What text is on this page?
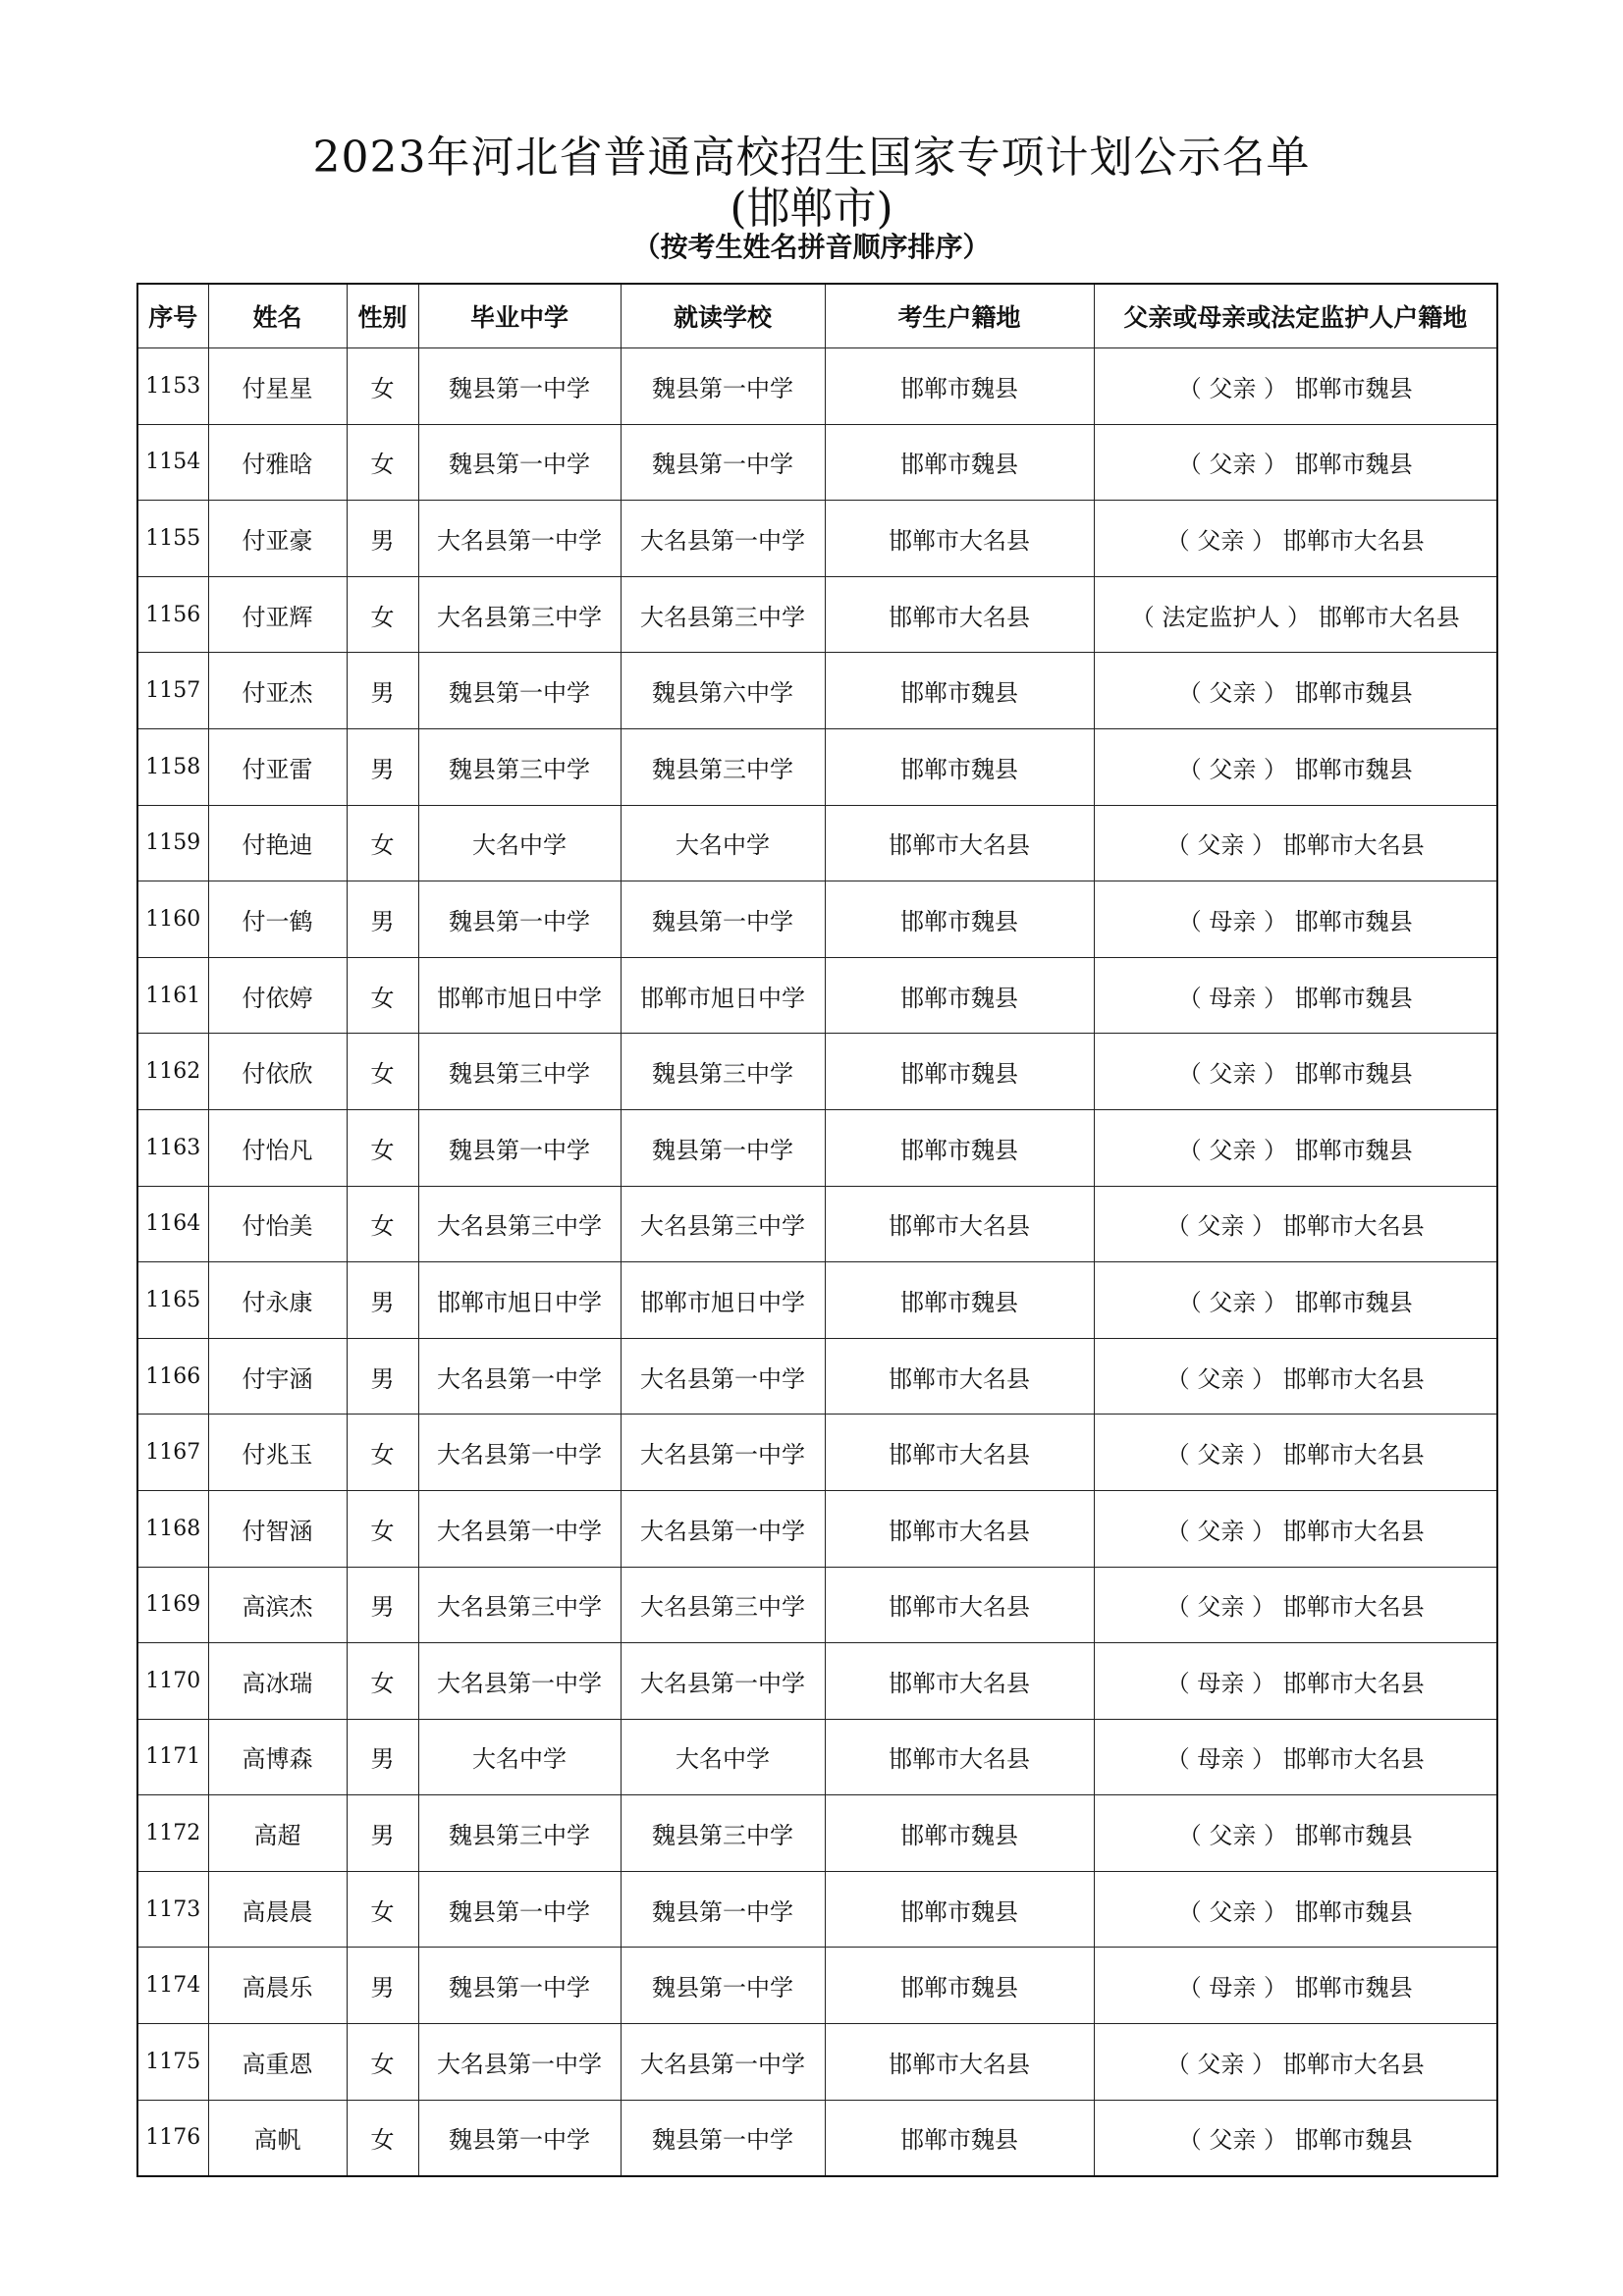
2023年河北省普通高校招生国家专项计划公示名单
(邯郸市)
（按考生姓名拼音顺序排序）
序号	姓名	性别	毕业中学	就读学校	考生户籍地	父亲或母亲或法定监护人户籍地
1153	付星星	女	魏县第一中学	魏县第一中学	邯郸市魏县	（ 父亲 ） 邯郸市魏县
1154	付雅晗	女	魏县第一中学	魏县第一中学	邯郸市魏县	（ 父亲 ） 邯郸市魏县
1155	付亚豪	男	大名县第一中学	大名县第一中学	邯郸市大名县	（ 父亲 ） 邯郸市大名县
1156	付亚辉	女	大名县第三中学	大名县第三中学	邯郸市大名县	（ 法定监护人 ） 邯郸市大名县
1157	付亚杰	男	魏县第一中学	魏县第六中学	邯郸市魏县	（ 父亲 ） 邯郸市魏县
1158	付亚雷	男	魏县第三中学	魏县第三中学	邯郸市魏县	（ 父亲 ） 邯郸市魏县
1159	付艳迪	女	大名中学	大名中学	邯郸市大名县	（ 父亲 ） 邯郸市大名县
1160	付一鹤	男	魏县第一中学	魏县第一中学	邯郸市魏县	（ 母亲 ） 邯郸市魏县
1161	付依婷	女	邯郸市旭日中学	邯郸市旭日中学	邯郸市魏县	（ 母亲 ） 邯郸市魏县
1162	付依欣	女	魏县第三中学	魏县第三中学	邯郸市魏县	（ 父亲 ） 邯郸市魏县
1163	付怡凡	女	魏县第一中学	魏县第一中学	邯郸市魏县	（ 父亲 ） 邯郸市魏县
1164	付怡美	女	大名县第三中学	大名县第三中学	邯郸市大名县	（ 父亲 ） 邯郸市大名县
1165	付永康	男	邯郸市旭日中学	邯郸市旭日中学	邯郸市魏县	（ 父亲 ） 邯郸市魏县
1166	付宇涵	男	大名县第一中学	大名县第一中学	邯郸市大名县	（ 父亲 ） 邯郸市大名县
1167	付兆玉	女	大名县第一中学	大名县第一中学	邯郸市大名县	（ 父亲 ） 邯郸市大名县
1168	付智涵	女	大名县第一中学	大名县第一中学	邯郸市大名县	（ 父亲 ） 邯郸市大名县
1169	高滨杰	男	大名县第三中学	大名县第三中学	邯郸市大名县	（ 父亲 ） 邯郸市大名县
1170	高冰瑞	女	大名县第一中学	大名县第一中学	邯郸市大名县	（ 母亲 ） 邯郸市大名县
1171	高博森	男	大名中学	大名中学	邯郸市大名县	（ 母亲 ） 邯郸市大名县
1172	高超	男	魏县第三中学	魏县第三中学	邯郸市魏县	（ 父亲 ） 邯郸市魏县
1173	高晨晨	女	魏县第一中学	魏县第一中学	邯郸市魏县	（ 父亲 ） 邯郸市魏县
1174	高晨乐	男	魏县第一中学	魏县第一中学	邯郸市魏县	（ 母亲 ） 邯郸市魏县
1175	高重恩	女	大名县第一中学	大名县第一中学	邯郸市大名县	（ 父亲 ） 邯郸市大名县
1176	高帆	女	魏县第一中学	魏县第一中学	邯郸市魏县	（ 父亲 ） 邯郸市魏县
